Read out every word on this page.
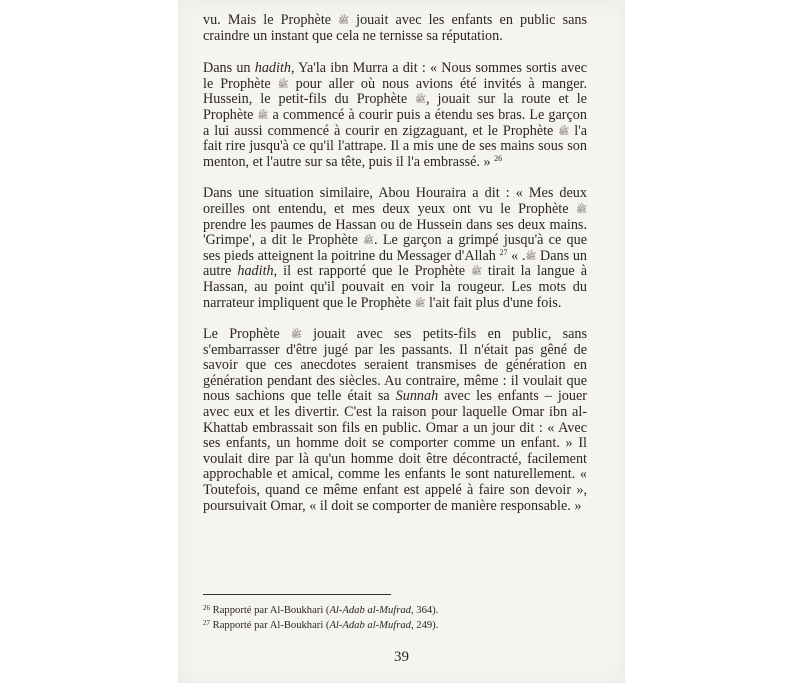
vu. Mais le Prophète ﷺ jouait avec les enfants en public sans craindre un instant que cela ne ternisse sa réputation.

Dans un hadith, Ya'la ibn Murra a dit : « Nous sommes sortis avec le Prophète ﷺ pour aller où nous avions été invités à manger. Hussein, le petit-fils du Prophète ﷺ, jouait sur la route et le Prophète ﷺ a commencé à courir puis a étendu ses bras. Le garçon a lui aussi commencé à courir en zigzaguant, et le Prophète ﷺ l'a fait rire jusqu'à ce qu'il l'attrape. Il a mis une de ses mains sous son menton, et l'autre sur sa tête, puis il l'a embrassé. » $^{26}$

Dans une situation similaire, Abou Houraira a dit : « Mes deux oreilles ont entendu, et mes deux yeux ont vu le Prophète ﷺ prendre les paumes de Hassan ou de Hussein dans ses deux mains. 'Grimpe', a dit le Prophète ﷺ. Le garçon a grimpé jusqu'à ce que ses pieds atteignent la poitrine du Messager d'Allah	ﷺ. » $^{27}$ Dans un autre hadith, il est rapporté que le Prophète ﷺ tirait la langue à Hassan, au point qu'il pouvait en voir la rougeur. Les mots du narrateur impliquent que le Prophète ﷺ l'ait fait plus d'une fois.

Le Prophète ﷺ jouait avec ses petits-fils en public, sans s'embarrasser d'être jugé par les passants. Il n'était pas gêné de savoir que ces anecdotes seraient transmises de génération en génération pendant des siècles. Au contraire, même : il voulait que nous sachions que telle était sa Sunnah avec les enfants – jouer avec eux et les divertir. C'est la raison pour laquelle Omar ibn al-Khattab embrassait son fils en public. Omar a un jour dit : « Avec ses enfants, un homme doit se comporter comme un enfant. » Il voulait dire par là qu'un homme doit être décontracté, facilement approchable et amical, comme les enfants le sont naturellement. « Toutefois, quand ce même enfant est appelé à faire son devoir », poursuivait Omar, « il doit se comporter de manière responsable. »

$^{26}$ Rapporté par Al-Boukhari (Al-Adab al-Mufrad, 364).
$^{27}$ Rapporté par Al-Boukhari (Al-Adab al-Mufrad, 249).
39
